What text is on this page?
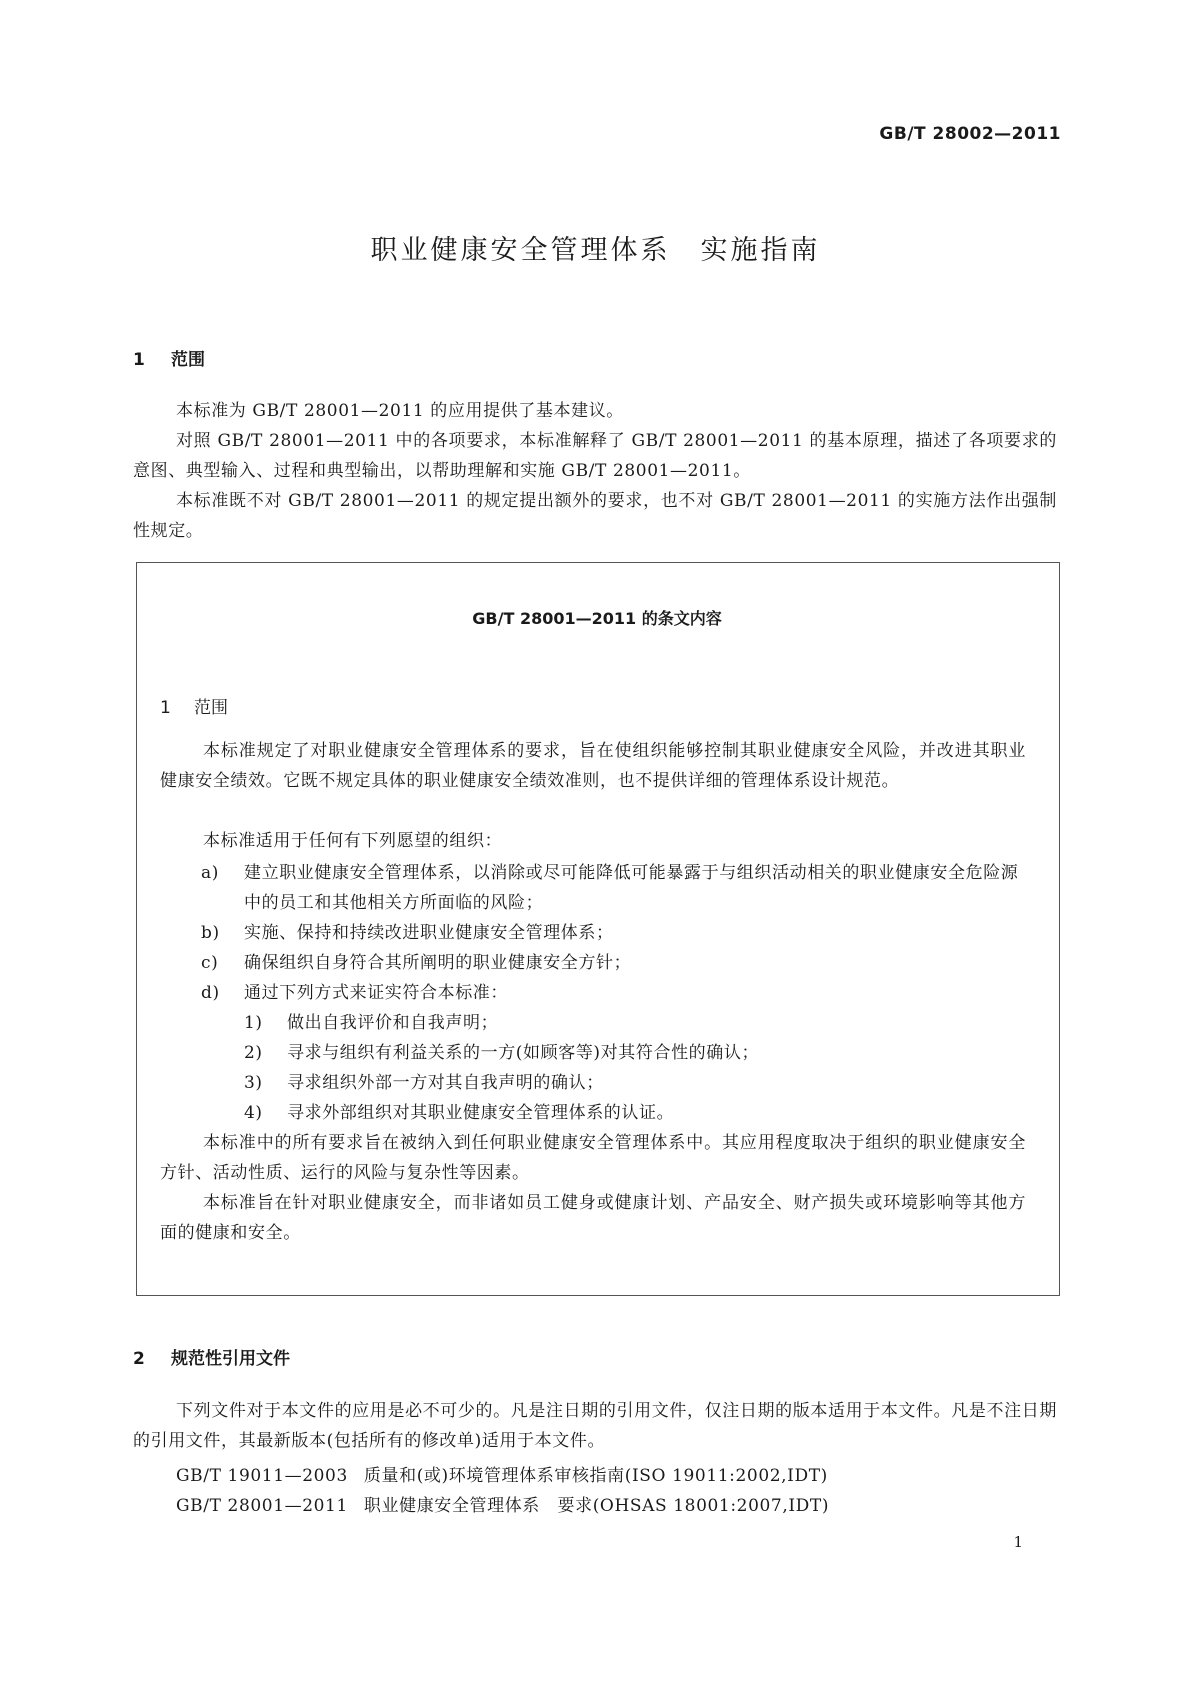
GB/T 28002—2011
职业健康安全管理体系　实施指南
1 范围
本标准为 GB/T 28001—2011 的应用提供了基本建议。
对照 GB/T 28001—2011 中的各项要求，本标准解释了 GB/T 28001—2011 的基本原理，描述了各项要求的意图、典型输入、过程和典型输出，以帮助理解和实施 GB/T 28001—2011。
本标准既不对 GB/T 28001—2011 的规定提出额外的要求，也不对 GB/T 28001—2011 的实施方法作出强制性规定。
GB/T 28001—2011 的条文内容
1 范围
本标准规定了对职业健康安全管理体系的要求，旨在使组织能够控制其职业健康安全风险，并改进其职业健康安全绩效。它既不规定具体的职业健康安全绩效准则，也不提供详细的管理体系设计规范。
本标准适用于任何有下列愿望的组织：
a) 建立职业健康安全管理体系，以消除或尽可能降低可能暴露于与组织活动相关的职业健康安全危险源中的员工和其他相关方所面临的风险；
b) 实施、保持和持续改进职业健康安全管理体系；
c) 确保组织自身符合其所阐明的职业健康安全方针；
d) 通过下列方式来证实符合本标准：
1) 做出自我评价和自我声明；
2) 寻求与组织有利益关系的一方(如顾客等)对其符合性的确认；
3) 寻求组织外部一方对其自我声明的确认；
4) 寻求外部组织对其职业健康安全管理体系的认证。
本标准中的所有要求旨在被纳入到任何职业健康安全管理体系中。其应用程度取决于组织的职业健康安全方针、活动性质、运行的风险与复杂性等因素。
本标准旨在针对职业健康安全，而非诸如员工健身或健康计划、产品安全、财产损失或环境影响等其他方面的健康和安全。
2 规范性引用文件
下列文件对于本文件的应用是必不可少的。凡是注日期的引用文件，仅注日期的版本适用于本文件。凡是不注日期的引用文件，其最新版本(包括所有的修改单)适用于本文件。
GB/T 19011—2003 质量和(或)环境管理体系审核指南(ISO 19011:2002,IDT)
GB/T 28001—2011 职业健康安全管理体系　要求(OHSAS 18001:2007,IDT)
1
